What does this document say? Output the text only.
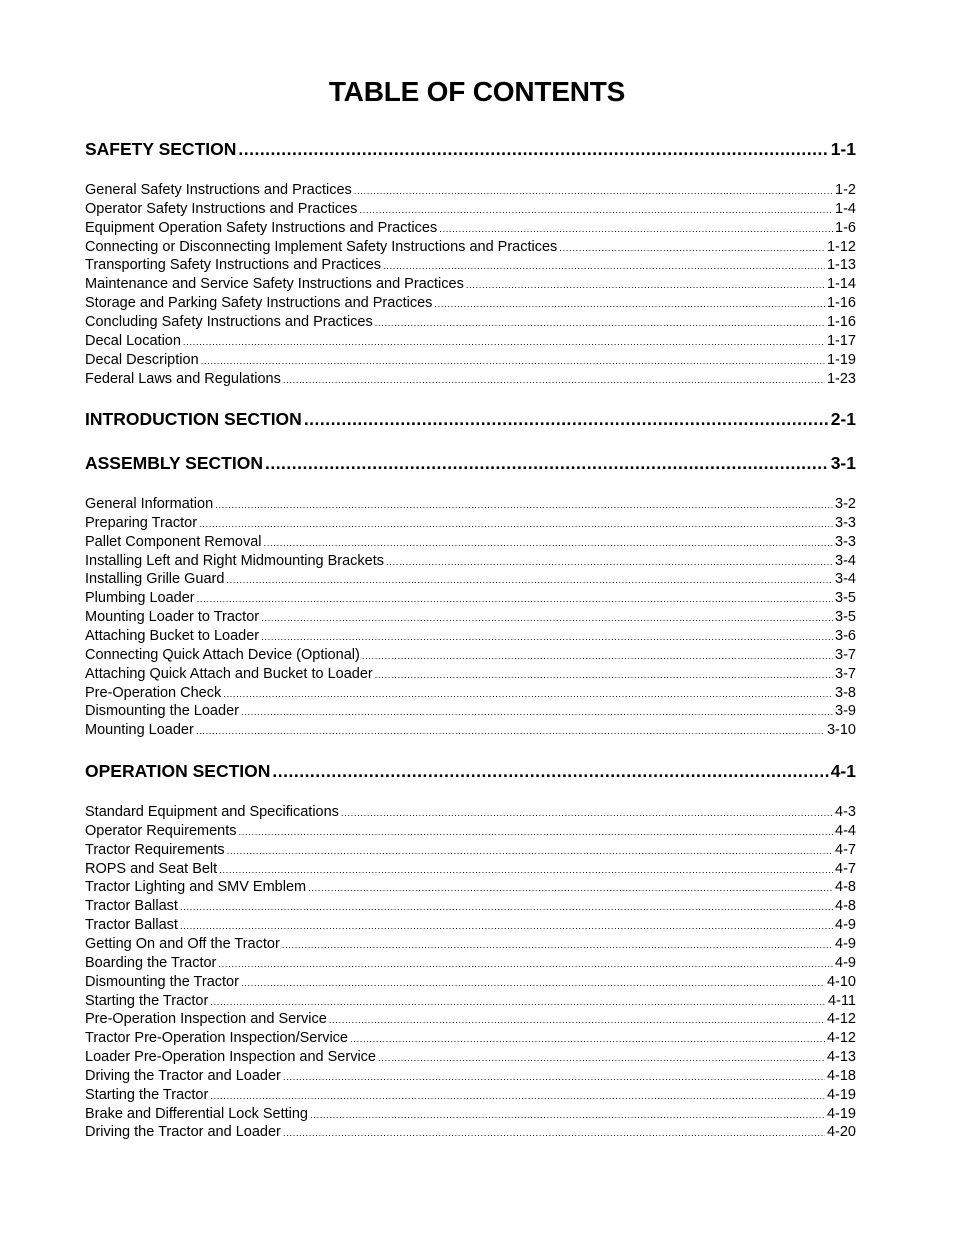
TABLE OF CONTENTS
SAFETY SECTION .....	1-1
General Safety Instructions and Practices .....	1-2
Operator Safety Instructions and Practices .....	1-4
Equipment Operation Safety Instructions and Practices .....	1-6
Connecting or Disconnecting Implement Safety Instructions and Practices .....	1-12
Transporting Safety Instructions and Practices .....	1-13
Maintenance and Service Safety Instructions and Practices .....	1-14
Storage and Parking Safety Instructions and Practices .....	1-16
Concluding Safety Instructions and Practices .....	1-16
Decal Location .....	1-17
Decal Description .....	1-19
Federal Laws and Regulations .....	1-23
INTRODUCTION SECTION .....	2-1
ASSEMBLY SECTION .....	3-1
General Information .....	3-2
Preparing Tractor .....	3-3
Pallet Component Removal .....	3-3
Installing Left and Right Midmounting Brackets .....	3-4
Installing Grille Guard .....	3-4
Plumbing Loader .....	3-5
Mounting Loader to Tractor .....	3-5
Attaching Bucket to Loader .....	3-6
Connecting Quick Attach Device (Optional) .....	3-7
Attaching Quick Attach and Bucket to Loader .....	3-7
Pre-Operation Check .....	3-8
Dismounting the Loader .....	3-9
Mounting Loader .....	3-10
OPERATION SECTION .....	4-1
Standard Equipment and Specifications .....	4-3
Operator Requirements .....	4-4
Tractor Requirements .....	4-7
ROPS and Seat Belt .....	4-7
Tractor Lighting and SMV Emblem .....	4-8
Tractor Ballast .....	4-8
Tractor Ballast .....	4-9
Getting On and Off the Tractor .....	4-9
Boarding the Tractor .....	4-9
Dismounting the Tractor .....	4-10
Starting the Tractor .....	4-11
Pre-Operation Inspection and Service .....	4-12
Tractor Pre-Operation Inspection/Service .....	4-12
Loader Pre-Operation Inspection and Service .....	4-13
Driving the Tractor and Loader .....	4-18
Starting the Tractor .....	4-19
Brake and Differential Lock Setting .....	4-19
Driving the Tractor and Loader .....	4-20
